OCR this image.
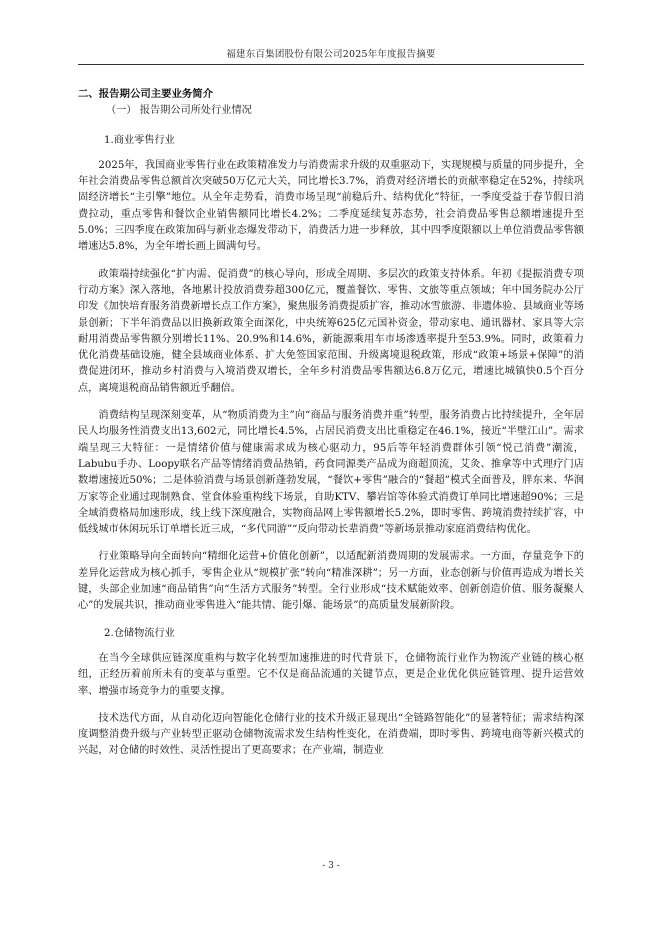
福建东百集团股份有限公司2025年年度报告摘要
二、报告期公司主要业务简介
（一） 报告期公司所处行业情况
1.商业零售行业

2025年，我国商业零售行业在政策精准发力与消费需求升级的双重驱动下，实现规模与质量的同步提升，全年社会消费品零售总额首次突破50万亿元大关，同比增长3.7%，消费对经济增长的贡献率稳定在52%，持续巩固经济增长“主引擎”地位。从全年走势看，消费市场呈现“前稳后升、结构优化”特征，一季度受益于春节假日消费拉动，重点零售和餐饮企业销售额同比增长4.2%；二季度延续复苏态势，社会消费品零售总额增速提升至5.0%；三四季度在政策加码与新业态爆发带动下，消费活力进一步释放，其中四季度限额以上单位消费品零售额增速达5.8%，为全年增长画上圆满句号。

政策端持续强化“扩内需、促消费”的核心导向，形成全周期、多层次的政策支持体系。年初《提振消费专项行动方案》深入落地，各地累计投放消费券超300亿元，覆盖餐饮、零售、文旅等重点领域；年中国务院办公厅印发《加快培育服务消费新增长点工作方案》，聚焦服务消费提质扩容，推动冰雪旅游、非遗体验、县域商业等场景创新；下半年消费品以旧换新政策全面深化，中央统筹625亿元国补资金，带动家电、通讯器材、家具等大宗耐用消费品零售额分别增长11%、20.9%和14.6%，新能源乘用车市场渗透率提升至53.9%。同时，政策着力优化消费基础设施，健全县域商业体系、扩大免签国家范围、升级离境退税政策，形成“政策+场景+保障”的消费促进闭环，推动乡村消费与入境消费双增长，全年乡村消费品零售额达6.8万亿元，增速比城镇快0.5个百分点，离境退税商品销售额近乎翻倍。

消费结构呈现深刻变革，从“物质消费为主”向“商品与服务消费并重”转型，服务消费占比持续提升，全年居民人均服务性消费支出13,602元，同比增长4.5%，占居民消费支出比重稳定在46.1%，接近“半壁江山”。需求端呈现三大特征：一是情绪价值与健康需求成为核心驱动力，95后等年轻消费群体引领“悦己消费”潮流，Labubu手办、Loopy联名产品等情绪消费品热销，药食同源类产品成为商超顶流，艾灸、推拿等中式理疗门店数增速接近50%；二是体验消费与场景创新蓬勃发展，“餐饮+零售”融合的“餐超”模式全面普及，胖东来、华润万家等企业通过现制熟食、堂食体验重构线下场景，自助KTV、攀岩馆等体验式消费订单同比增速超90%；三是全域消费格局加速形成，线上线下深度融合，实物商品网上零售额增长5.2%，即时零售、跨境消费持续扩容，中低线城市休闲玩乐订单增长近三成，“多代同游”“反向带动长辈消费”等新场景推动家庭消费结构优化。

行业策略导向全面转向“精细化运营+价值化创新”，以适配新消费周期的发展需求。一方面，存量竞争下的差异化运营成为核心抓手，零售企业从“规模扩张”转向“精准深耕”；另一方面，业态创新与价值再造成为增长关键，头部企业加速“商品销售”向“生活方式服务”转型。全行业形成“技术赋能效率、创新创造价值、服务凝聚人心”的发展共识，推动商业零售进入“能共情、能引爆、能场景”的高质量发展新阶段。

2.仓储物流行业

在当今全球供应链深度重构与数字化转型加速推进的时代背景下，仓储物流行业作为物流产业链的核心枢纽，正经历着前所未有的变革与重塑。它不仅是商品流通的关键节点，更是企业优化供应链管理、提升运营效率、增强市场竞争力的重要支撑。

技术迭代方面，从自动化迈向智能化仓储行业的技术升级正显现出“全链路智能化”的显著特征；需求结构深度调整消费升级与产业转型正驱动仓储物流需求发生结构性变化，在消费端，即时零售、跨境电商等新兴模式的兴起，对仓储的时效性、灵活性提出了更高要求；在产业端，制造业

- 3 -
